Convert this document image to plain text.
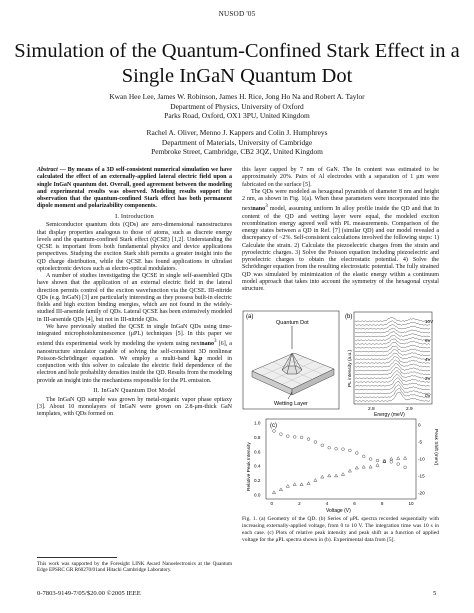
NUSOD '05
Simulation of the Quantum-Confined Stark Effect in a
Single InGaN Quantum Dot
Kwan Hee Lee, James W. Robinson, James H. Rice, Jong Ho Na and Robert A. Taylor
Department of Physics, University of Oxford
Parks Road, Oxford, OX1 3PU, United Kingdom
Rachel A. Oliver, Menno J. Kappers and Colin J. Humphreys
Department of Materials, University of Cambridge
Pembroke Street, Cambridge, CB2 3QZ, United Kingdom

Abstract — By means of a 3D self-consistent numerical simulation we have calculated the effect of an externally-applied lateral electric field upon a single InGaN quantum dot. Overall, good agreement between the modeling and experimental results was observed. Modeling results support the observation that the quantum-confined Stark effect has both permanent dipole moment and polarizability components.

I. Introduction

Semiconductor quantum dots (QDs) are zero-dimensional nanostructures that display properties analogous to those of atoms, such as discrete energy levels and the quantum-confined Stark effect (QCSE) [1,2]. Understanding the QCSE is important from both fundamental physics and device applications perspectives. Studying the exciton Stark shift permits a greater insight into the QD charge distribution, while the QCSE has found applications in ultrafast optoelectronic devices such as electro-optical modulators.

A number of studies investigating the QCSE in single self-assembled QDs have shown that the application of an external electric field in the lateral direction permits control of the exciton wavefunction via the QCSE. III-nitride QDs (e.g. InGaN) [3] are particularly interesting as they possess built-in electric fields and high exciton binding energies, which are not found in the widely-studied III-arsenide family of QDs. Lateral QCSE has been extensively modeled in III-arsenide QDs [4], but not in III-nitride QDs.

We have previously studied the QCSE in single InGaN QDs using time-integrated microphotoluminescence (μPL) techniques [5]. In this paper we extend this experimental work by modeling the system using nextnano$^3$ [6], a nanostructure simulator capable of solving the self-consistent 3D nonlinear Poisson-Schrödinger equation. We employ a multi-band k.p model in conjunction with this solver to calculate the electric field dependence of the electron and hole probability densities inside the QD. Results from the modeling provide an insight into the mechanisms responsible for the PL emission.

II. InGaN Quantum Dot Model

The InGaN QD sample was grown by metal-organic vapor phase epitaxy [3]. About 10 monolayers of InGaN were grown on 2.8-μm-thick GaN templates, with QDs formed on

This work was supported by the Foresight LINK Award Nanoelectronics at the Quantum Edge EPSRC GR R60270/01and Hitachi Cambridge Laboratory.

this layer capped by 7 nm of GaN. The In content was estimated to be approximately 20%. Pairs of Al electrodes with a separation of 1 μm were fabricated on the surface [5].

The QDs were modeled as hexagonal pyramids of diameter 8 nm and height 2 nm, as shown in Fig. 1(a). When these parameters were incorporated into the nextnano$^3$ model, assuming uniform In alloy profile inside the QD and that In content of the QD and wetting layer were equal, the modeled exciton recombination energy agreed well with PL measurements. Comparison of the energy states between a QD in Ref. [7] (similar QD) and our model revealed a discrepancy of ~2%. Self-consistent calculations involved the following steps: 1) Calculate the strain. 2) Calculate the piezoelectric charges from the strain and pyroelectric charges. 3) Solve the Poisson equation including piezoelectric and pyroelectric charges to obtain the electrostatic potential. 4) Solve the Schrödinger equation from the resulting electrostatic potential. The fully strained QD was simulated by minimization of the elastic energy within a continuum model approach that takes into account the symmetry of the hexagonal crystal structure.

(a)
Quantum Dot
Wetting Layer
(b)
10V
6V
4V
2V
0V
2.8	2.9
Energy (meV)
PL intensity (a.u.)
(c)
0	2	4	6	8	10
0.0
0.2
0.4
0.6
0.8
1.0	0
-5
-10
-15
-20
Relative Peak Intensity	Peak Shift (meV)
Voltage (V)
Fig. 1. (a) Geometry of the QD. (b) Series of μPL spectra recorded sequentially with increasing externally-applied voltage, from 0 to 10 V. The integration time was 10 s in each case. (c) Plots of relative peak intensity and peak shift as a function of applied voltage for the μPL spectra shown in (b). Experimental data from [5].
0-7803-9149-7/05/$20.00 ©2005 IEEE	5
